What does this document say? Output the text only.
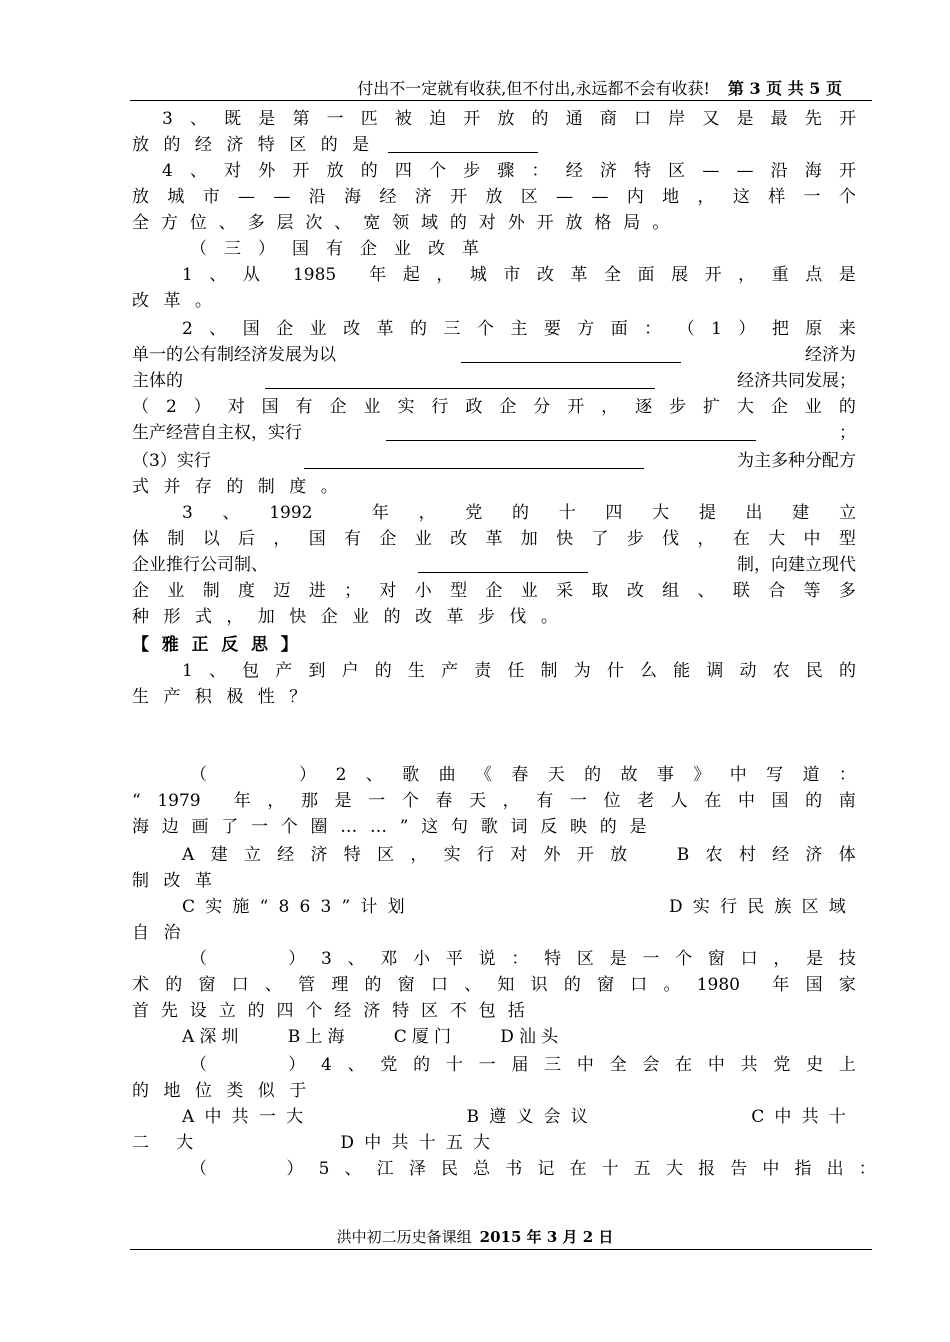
付出不一定就有收获,但不付出,永远都不会有收获! 第 3 页 共 5 页
3 、 既 是 第 一 匹 被 迫 开 放 的 通 商 口 岸 又 是 最 先 开
放的经济特区的是
4 、 对 外 开 放 的 四 个 步 骤 ： 经 济 特 区 — — 沿 海 开
放 城 市 — — 沿 海 经 济 开 放 区 — — 内 地 ， 这 样 一 个
全方位、多层次、宽领域的对外开放格局。
（三）国有企业改革
1 、 从 1985 年 起 ， 城 市 改 革 全 面 展 开 ， 重 点 是
改革。
2 、 国 企 业 改 革 的 三 个 主 要 方 面 ： （ 1 ） 把 原 来
单一的公有制经济发展为以	经济为
主体的	经济共同发展；
（ 2 ） 对 国 有 企 业 实 行 政 企 分 开 ， 逐 步 扩 大 企 业 的
生产经营自主权，实行	；
（3）实行	为主多种分配方
式并存的制度。
3 、 1992	年 ， 党 的 十 四 大 提 出 建 立
体 制 以 后 ， 国 有 企 业 改 革 加 快 了 步 伐 ， 在 大 中 型
企业推行公司制、	制，向建立现代
企 业 制 度 迈 进 ； 对 小 型 企 业 采 取 改 组 、 联 合 等 多
种形式，加快企业的改革步伐。
【雅正反思】
1 、 包 产 到 户 的 生 产 责 任 制 为 什 么 能 调 动 农 民 的
生产积极性？
（

　	） 2 、 歌 曲 《 春 天 的 故 事 》 中 写 道 ：
“ 1979 年 ， 那 是 一 个 春 天 ， 有 一 位 老 人 在 中 国 的 南
海边画了一个圈……”这句歌词反映的是
A 建 立 经 济 特 区 ， 实 行 对 外 开 放
　	B 农 村 经 济 体
制改革
C实施“863”计划	D实行民族区域
自治
（

　	） 3 、 邓 小 平 说 ： 特 区 是 一 个 窗 口 ， 是 技
术 的 窗 口 、 管 理 的 窗 口 、 知 识 的 窗 口 。 1980 年 国 家
首先设立的四个经济特区不包括
A深圳　　B上海　　C厦门　　D汕头
（

　	） 4 、 党 的 十 一 届 三 中 全 会 在 中 共 党 史 上
的地位类似于
A中共一大	B遵义会议	C中共十
二大	D中共十五大
（

　	） 5 、 江 泽 民 总 书 记 在 十 五 大 报 告 中 指 出 ：
洪中初二历史备课组 2015 年 3 月 2 日
